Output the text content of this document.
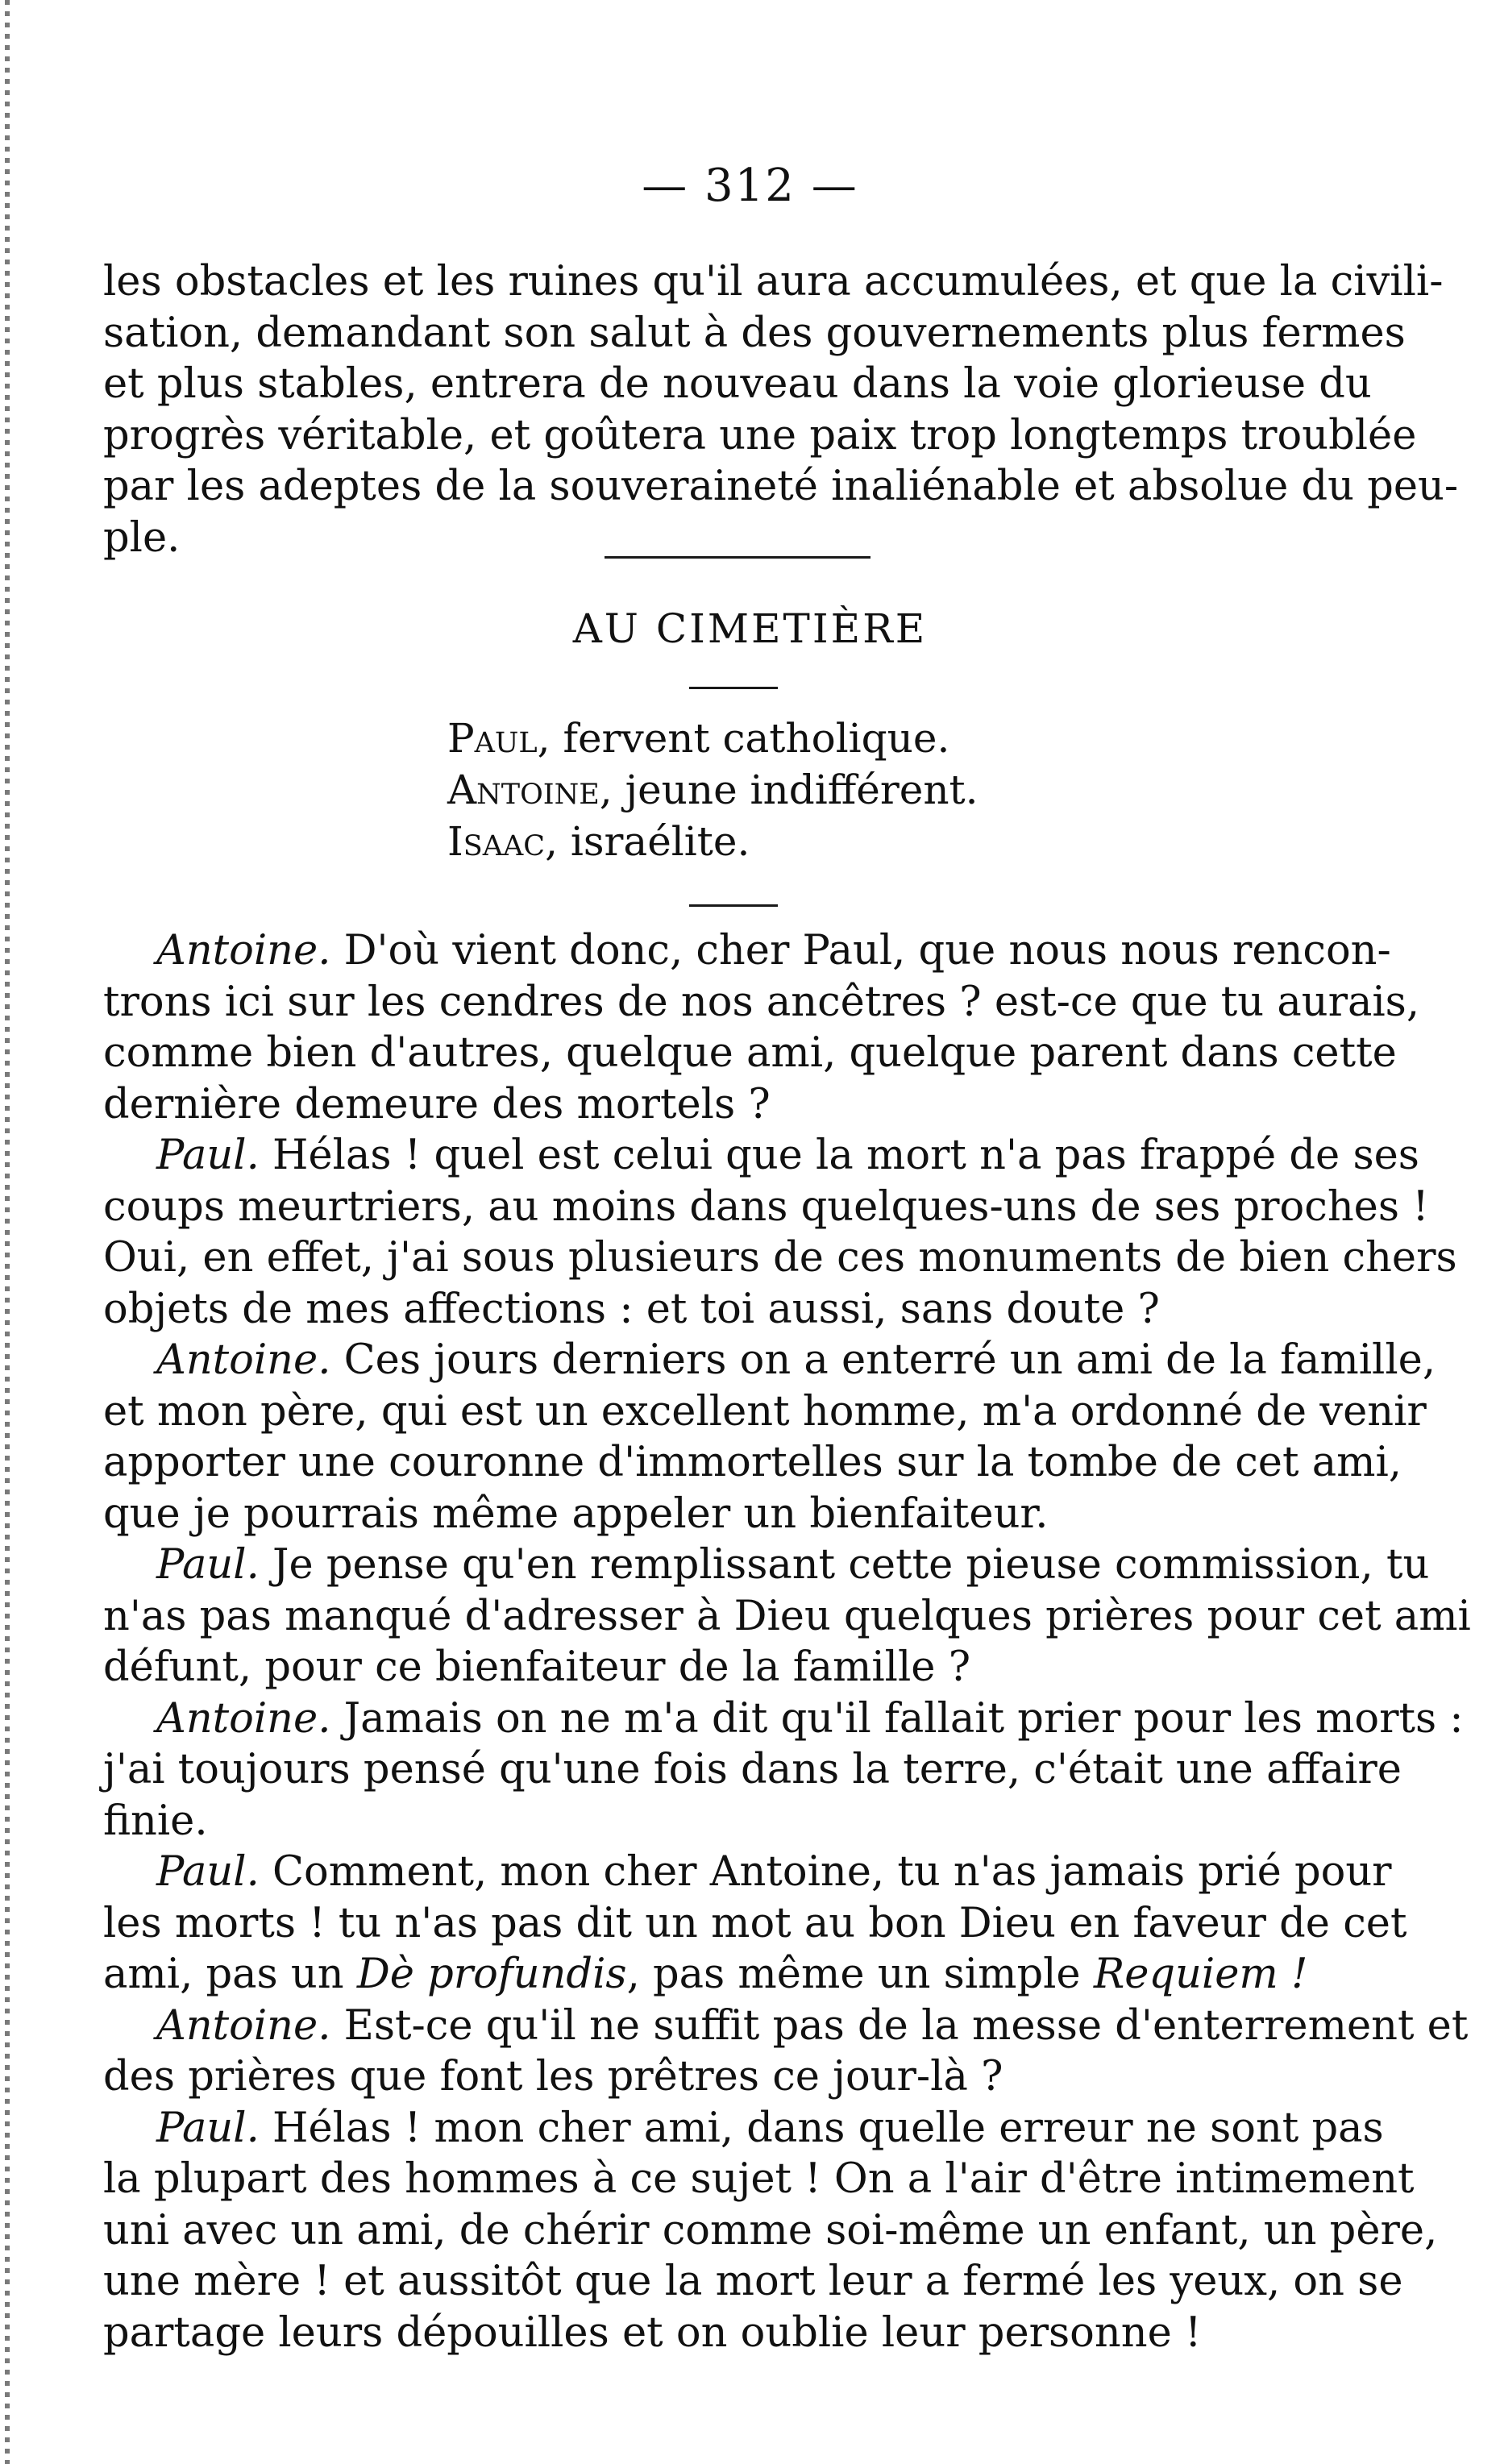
— 312 —
les obstacles et les ruines qu'il aura accumulées, et que la civili-
sation, demandant son salut à des gouvernements plus fermes
et plus stables, entrera de nouveau dans la voie glorieuse du
progrès véritable, et goûtera une paix trop longtemps troublée
par les adeptes de la souveraineté inaliénable et absolue du peu-
ple.
AU CIMETIÈRE
Paul, fervent catholique.
Antoine, jeune indifférent.
Isaac, israélite.
Antoine. D'où vient donc, cher Paul, que nous nous rencon-
trons ici sur les cendres de nos ancêtres ? est-ce que tu aurais,
comme bien d'autres, quelque ami, quelque parent dans cette
dernière demeure des mortels ?
Paul. Hélas ! quel est celui que la mort n'a pas frappé de ses
coups meurtriers, au moins dans quelques-uns de ses proches !
Oui, en effet, j'ai sous plusieurs de ces monuments de bien chers
objets de mes affections : et toi aussi, sans doute ?
Antoine. Ces jours derniers on a enterré un ami de la famille,
et mon père, qui est un excellent homme, m'a ordonné de venir
apporter une couronne d'immortelles sur la tombe de cet ami,
que je pourrais même appeler un bienfaiteur.
Paul. Je pense qu'en remplissant cette pieuse commission, tu
n'as pas manqué d'adresser à Dieu quelques prières pour cet ami
défunt, pour ce bienfaiteur de la famille ?
Antoine. Jamais on ne m'a dit qu'il fallait prier pour les morts :
j'ai toujours pensé qu'une fois dans la terre, c'était une affaire
finie.
Paul. Comment, mon cher Antoine, tu n'as jamais prié pour
les morts ! tu n'as pas dit un mot au bon Dieu en faveur de cet
ami, pas un Dè profundis, pas même un simple Requiem !
Antoine. Est-ce qu'il ne suffit pas de la messe d'enterrement et
des prières que font les prêtres ce jour-là ?
Paul. Hélas ! mon cher ami, dans quelle erreur ne sont pas
la plupart des hommes à ce sujet ! On a l'air d'être intimement
uni avec un ami, de chérir comme soi-même un enfant, un père,
une mère ! et aussitôt que la mort leur a fermé les yeux, on se
partage leurs dépouilles et on oublie leur personne !
